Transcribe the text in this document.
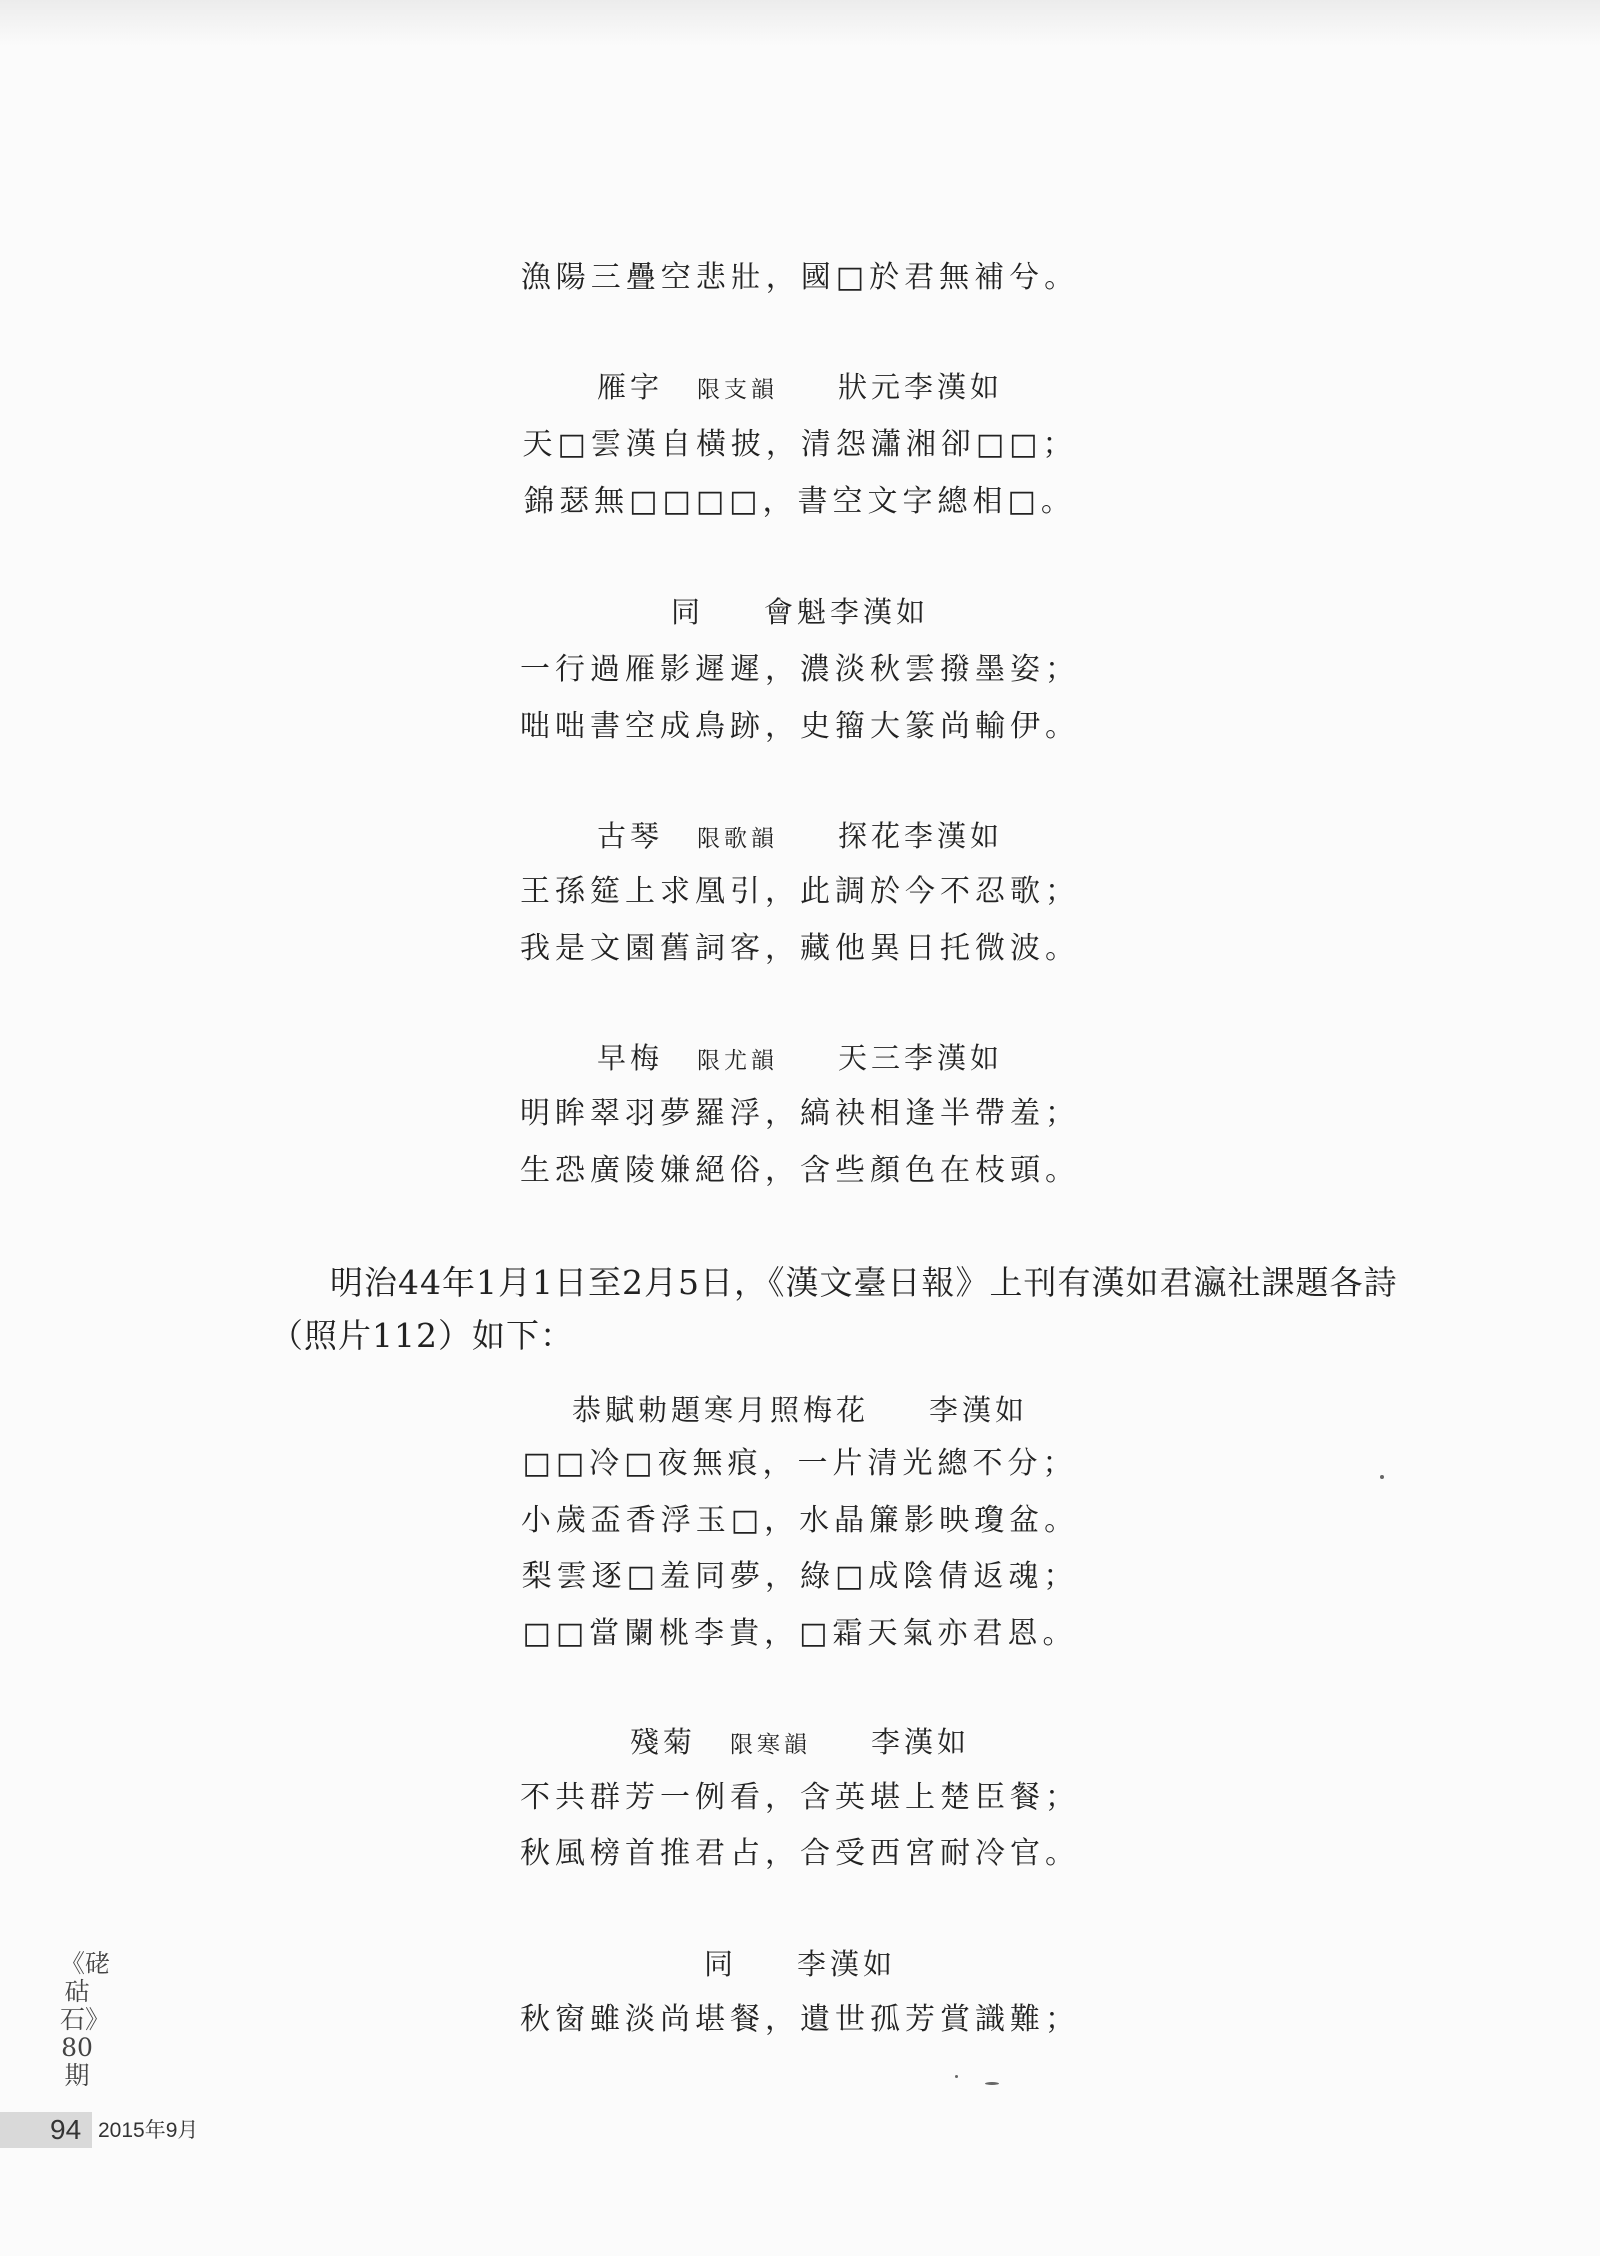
漁陽三疊空悲壯，國□於君無補兮。
雁字 限支韻 狀元李漢如
天□雲漢自橫披，清怨瀟湘卻□□；
錦瑟無□□□□，書空文字總相□。
同 會魁李漢如
一行過雁影遲遲，濃淡秋雲撥墨姿；
咄咄書空成鳥跡，史籀大篆尚輸伊。
古琴 限歌韻 探花李漢如
王孫筵上求凰引，此調於今不忍歌；
我是文園舊詞客，藏他異日托微波。
早梅 限尤韻 天三李漢如
明眸翠羽夢羅浮，縞袂相逢半帶羞；
生恐廣陵嫌絕俗，含些顏色在枝頭。
恭賦勅題寒月照梅花 李漢如
□□冷□夜無痕，一片清光總不分；
小歲盃香浮玉□，水晶簾影映瓊盆。
梨雲逐□羞同夢，綠□成陰倩返魂；
□□當闌桃李貴，□霜天氣亦君恩。
殘菊 限寒韻 李漢如
不共群芳一例看，含英堪上楚臣餐；
秋風榜首推君占，合受西宮耐冷官。
同 李漢如
秋窗雖淡尚堪餐，遺世孤芳賞識難；
明治44年1月1日至2月5日，《漢文臺日報》上刊有漢如君瀛社課題各詩
（照片112）如下：
《硓𥑮石》80期
94 2015年9月
